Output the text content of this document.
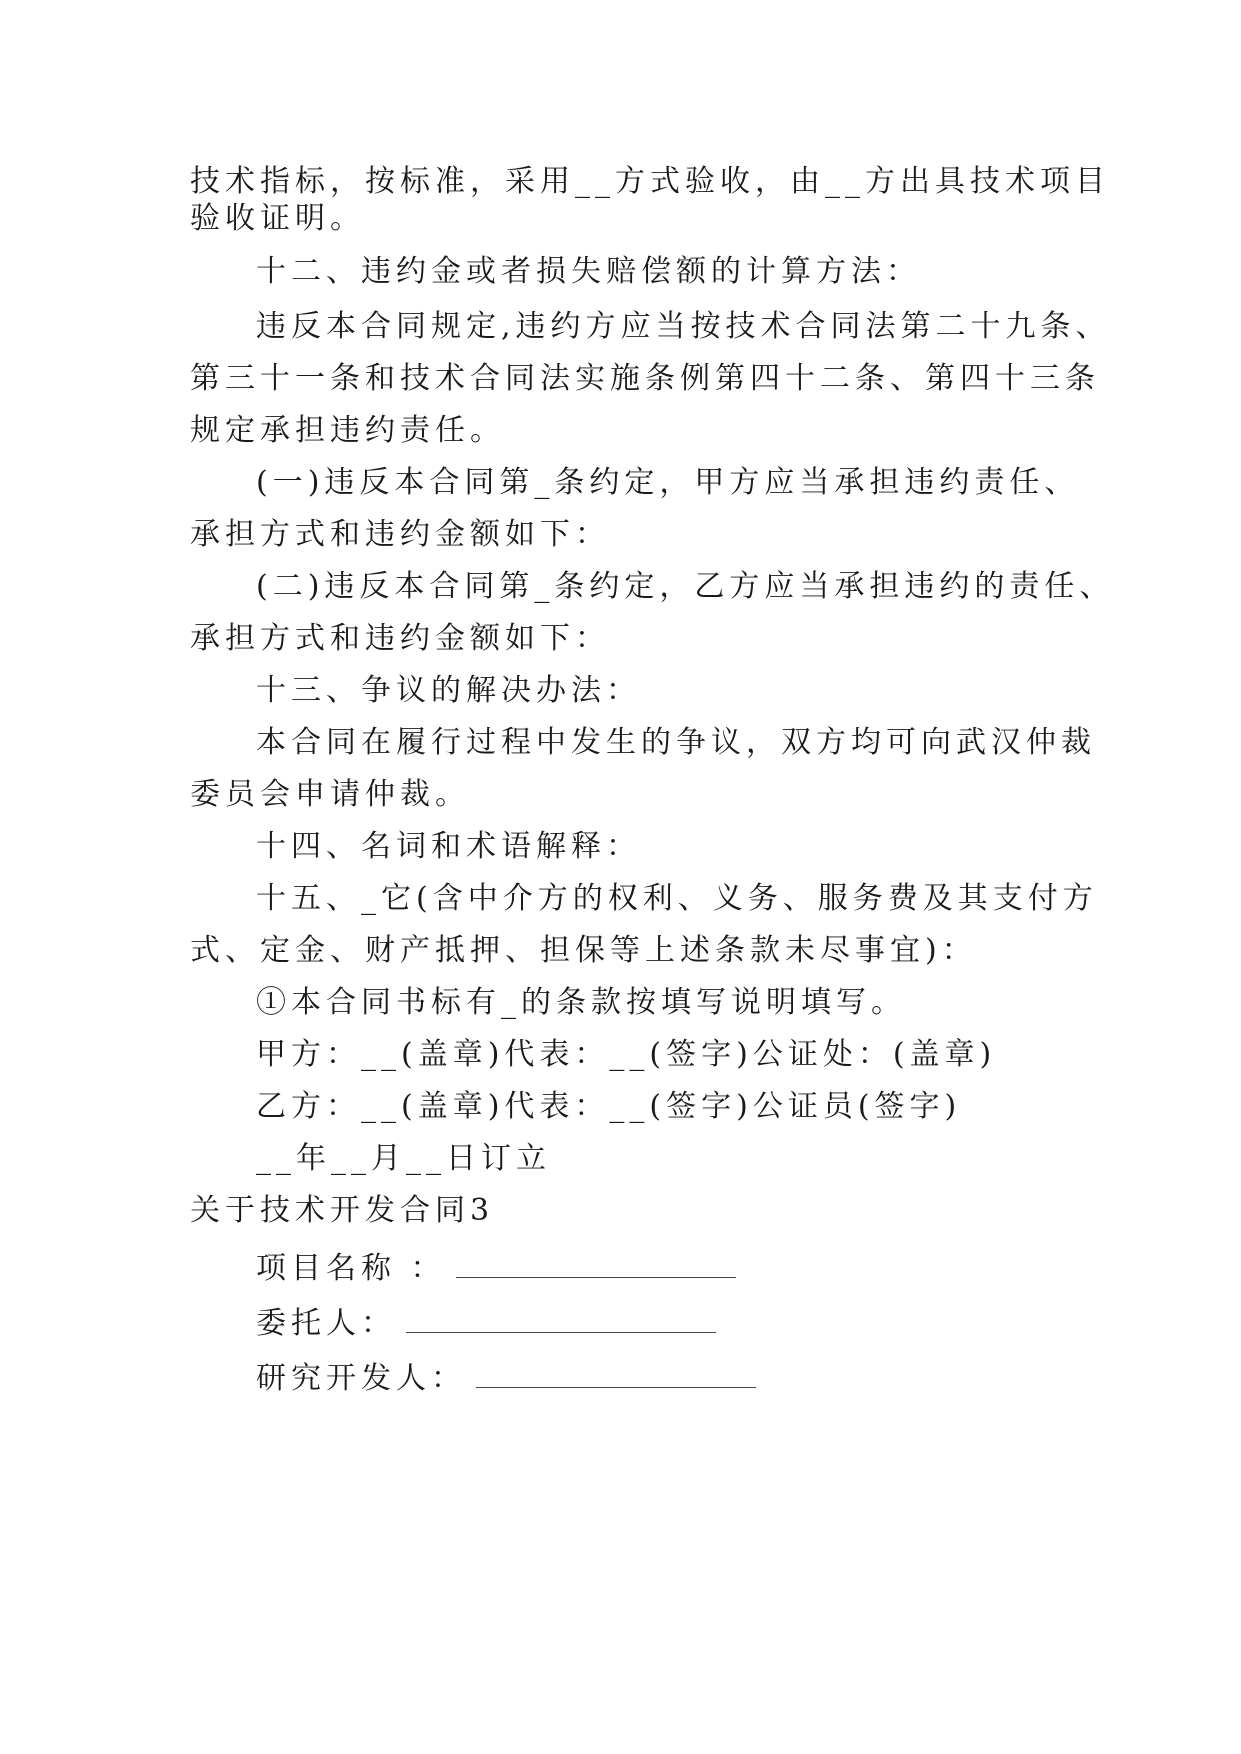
技术指标，按标准，采用__方式验收，由__方出具技术项目
验收证明。
十二、违约金或者损失赔偿额的计算方法：
违反本合同规定,违约方应当按技术合同法第二十九条、
第三十一条和技术合同法实施条例第四十二条、第四十三条
规定承担违约责任。
(一)违反本合同第_条约定，甲方应当承担违约责任、
承担方式和违约金额如下：
(二)违反本合同第_条约定，乙方应当承担违约的责任、
承担方式和违约金额如下：
十三、争议的解决办法：
本合同在履行过程中发生的争议，双方均可向武汉仲裁
委员会申请仲裁。
十四、名词和术语解释：
十五、_它(含中介方的权利、义务、服务费及其支付方
式、定金、财产抵押、担保等上述条款未尽事宜)：
①本合同书标有_的条款按填写说明填写。
甲方：__(盖章)代表：__(签字)公证处：(盖章)
乙方：__(盖章)代表：__(签字)公证员(签字)
__年__月__日订立
关于技术开发合同3
项目名称 ：
委托人：
研究开发人：
